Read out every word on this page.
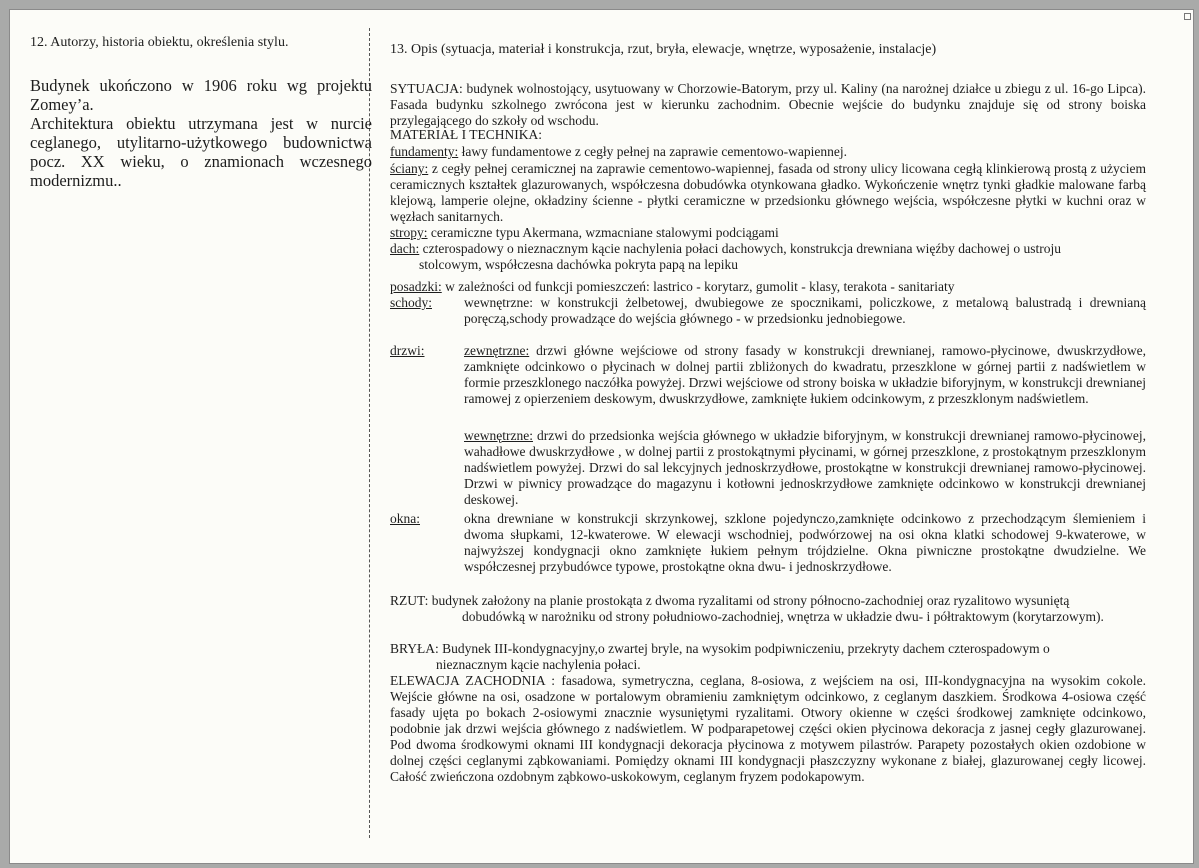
12. Autorzy, historia obiektu, określenia stylu.

Budynek ukończono w 1906 roku wg projektu Zomey’a.

Architektura obiektu utrzymana jest w nurcie ceglanego, utylitarno-użytkowego budownictwa pocz. XX wieku, o znamionach wczesnego modernizmu..

13. Opis (sytuacja, materiał i konstrukcja, rzut, bryła, elewacje, wnętrze, wyposażenie, instalacje)
SYTUACJA: budynek wolnostojący, usytuowany w Chorzowie-Batorym, przy ul. Kaliny (na narożnej działce u zbiegu z ul. 16-go Lipca). Fasada budynku szkolnego zwrócona jest w kierunku zachodnim. Obecnie wejście do budynku znajduje się od strony boiska przylegającego do szkoły od wschodu.
MATERIAŁ I TECHNIKA:
fundamenty: ławy fundamentowe z cegły pełnej na zaprawie cementowo-wapiennej.
ściany: z cegły pełnej ceramicznej na zaprawie cementowo-wapiennej, fasada od strony ulicy licowana cegłą klinkierową prostą z użyciem ceramicznych kształtek glazurowanych, współczesna dobudówka otynkowana gładko. Wykończenie wnętrz tynki gładkie malowane farbą klejową, lamperie olejne, okładziny ścienne - płytki ceramiczne w przedsionku głównego wejścia, współczesne płytki w kuchni oraz w węzłach sanitarnych.
stropy: ceramiczne typu Akermana, wzmacniane stalowymi podciągami
dach: czterospadowy o nieznacznym kącie nachylenia połaci dachowych, konstrukcja drewniana więźby dachowej o ustroju
stolcowym, współczesna dachówka pokryta papą na lepiku
posadzki: w zależności od funkcji pomieszczeń: lastrico - korytarz, gumolit - klasy, terakota - sanitariaty
schody: wewnętrzne: w konstrukcji żelbetowej, dwubiegowe ze spocznikami, policzkowe, z metalową balustradą i drewnianą poręczą,schody prowadzące do wejścia głównego - w przedsionku jednobiegowe.
drzwi:	zewnętrzne: drzwi główne wejściowe od strony fasady w konstrukcji drewnianej, ramowo-płycinowe, dwuskrzydłowe, zamknięte odcinkowo o płycinach w dolnej partii zbliżonych do kwadratu, przeszklone w górnej partii z nadświetlem w formie przeszklonego naczółka powyżej. Drzwi wejściowe od strony boiska w układzie biforyjnym, w konstrukcji drewnianej ramowej z opierzeniem deskowym, dwuskrzydłowe, zamknięte łukiem odcinkowym, z przeszklonym nadświetlem.
wewnętrzne: drzwi do przedsionka wejścia głównego w układzie biforyjnym, w konstrukcji drewnianej ramowo-płycinowej, wahadłowe dwuskrzydłowe , w dolnej partii z prostokątnymi płycinami, w górnej przeszklone, z prostokątnym przeszklonym nadświetlem powyżej. Drzwi do sal lekcyjnych jednoskrzydłowe, prostokątne w konstrukcji drewnianej ramowo-płycinowej. Drzwi w piwnicy prowadzące do magazynu i kotłowni jednoskrzydłowe zamknięte odcinkowo w konstrukcji drewnianej deskowej.
okna:	okna drewniane w konstrukcji skrzynkowej, szklone pojedynczo,zamknięte odcinkowo z przechodzącym ślemieniem i dwoma słupkami, 12-kwaterowe. W elewacji wschodniej, podwórzowej na osi okna klatki schodowej 9-kwaterowe, w najwyższej kondygnacji okno zamknięte łukiem pełnym trójdzielne. Okna piwniczne prostokątne dwudzielne. We współczesnej przybudówce typowe, prostokątne okna dwu- i jednoskrzydłowe.
RZUT: budynek założony na planie prostokąta z dwoma ryzalitami od strony północno-zachodniej oraz ryzalitowo wysuniętą
dobudówką w narożniku od strony południowo-zachodniej, wnętrza w układzie dwu- i półtraktowym (korytarzowym).
BRYŁA: Budynek III-kondygnacyjny,o zwartej bryle, na wysokim podpiwniczeniu, przekryty dachem czterospadowym o
nieznacznym kącie nachylenia połaci.
ELEWACJA ZACHODNIA : fasadowa, symetryczna, ceglana, 8-osiowa, z wejściem na osi, III-kondygnacyjna na wysokim cokole. Wejście główne na osi, osadzone w portalowym obramieniu zamkniętym odcinkowo, z ceglanym daszkiem. Środkowa 4-osiowa część fasady ujęta po bokach 2-osiowymi znacznie wysuniętymi ryzalitami. Otwory okienne w części środkowej zamknięte odcinkowo, podobnie jak drzwi wejścia głównego z nadświetlem. W podparapetowej części okien płycinowa dekoracja z jasnej cegły glazurowanej. Pod dwoma środkowymi oknami III kondygnacji dekoracja płycinowa z motywem pilastrów. Parapety pozostałych okien ozdobione w dolnej części ceglanymi ząbkowaniami. Pomiędzy oknami III kondygnacji płaszczyzny wykonane z białej, glazurowanej cegły licowej. Całość zwieńczona ozdobnym ząbkowo-uskokowym, ceglanym fryzem podokapowym.
